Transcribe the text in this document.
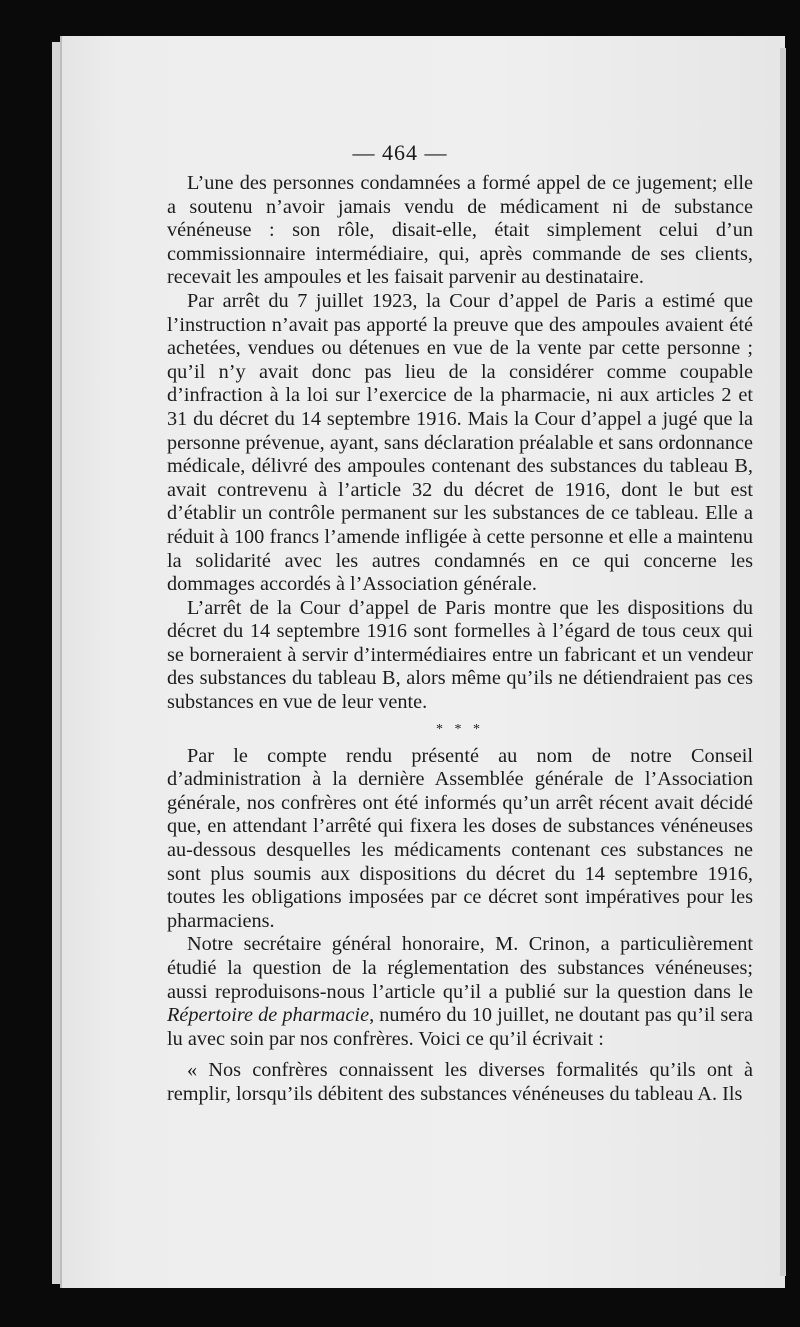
— 464 —

L’une des personnes condamnées a formé appel de ce jugement; elle a soutenu n’avoir jamais vendu de médicament ni de substance vénéneuse : son rôle, disait-elle, était simplement celui d’un commissionnaire intermédiaire, qui, après commande de ses clients, recevait les ampoules et les faisait parvenir au destinataire.

Par arrêt du 7 juillet 1923, la Cour d’appel de Paris a estimé que l’instruction n’avait pas apporté la preuve que des ampoules avaient été achetées, vendues ou détenues en vue de la vente par cette personne ; qu’il n’y avait donc pas lieu de la considérer comme coupable d’infraction à la loi sur l’exercice de la pharmacie, ni aux articles 2 et 31 du décret du 14 septembre 1916. Mais la Cour d’appel a jugé que la personne prévenue, ayant, sans déclaration préalable et sans ordonnance médicale, délivré des ampoules contenant des substances du tableau B, avait contrevenu à l’article 32 du décret de 1916, dont le but est d’établir un contrôle permanent sur les substances de ce tableau. Elle a réduit à 100 francs l’amende infligée à cette personne et elle a maintenu la solidarité avec les autres condamnés en ce qui concerne les dommages accordés à l’Association générale.

L’arrêt de la Cour d’appel de Paris montre que les dispositions du décret du 14 septembre 1916 sont formelles à l’égard de tous ceux qui se borneraient à servir d’intermédiaires entre un fabricant et un vendeur des substances du tableau B, alors même qu’ils ne détiendraient pas ces substances en vue de leur vente.

* * *

Par le compte rendu présenté au nom de notre Conseil d’administration à la dernière Assemblée générale de l’Association générale, nos confrères ont été informés qu’un arrêt récent avait décidé que, en attendant l’arrêté qui fixera les doses de substances vénéneuses au-dessous desquelles les médicaments contenant ces substances ne sont plus soumis aux dispositions du décret du 14 septembre 1916, toutes les obligations imposées par ce décret sont impératives pour les pharmaciens.

Notre secrétaire général honoraire, M. Crinon, a particulièrement étudié la question de la réglementation des substances vénéneuses; aussi reproduisons-nous l’article qu’il a publié sur la question dans le Répertoire de pharmacie, numéro du 10 juillet, ne doutant pas qu’il sera lu avec soin par nos confrères. Voici ce qu’il écrivait :

« Nos confrères connaissent les diverses formalités qu’ils ont à remplir, lorsqu’ils débitent des substances vénéneuses du tableau A. Ils
